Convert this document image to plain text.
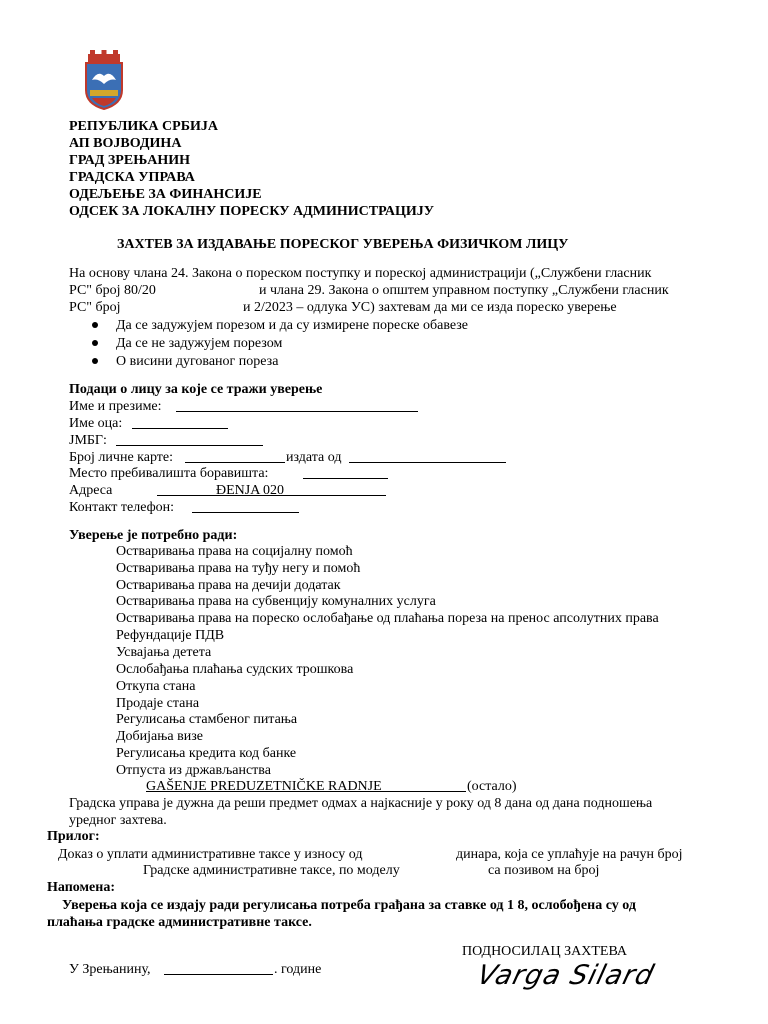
РЕПУБЛИКА СРБИЈА
АП ВОЈВОДИНА
ГРАД ЗРЕЊАНИН
ГРАДСКА УПРАВА
ОДЕЉЕЊЕ ЗА ФИНАНСИЈЕ
ОДСЕК ЗА ЛОКАЛНУ ПОРЕСКУ АДМИНИСТРАЦИЈУ
ЗАХТЕВ ЗА ИЗДАВАЊЕ ПОРЕСКОГ УВЕРЕЊА ФИЗИЧКОМ ЛИЦУ
На основу члана 24. Закона о пореском поступку и пореској администрацији („Службени гласник
РС" број 80/20	и члана 29. Закона о општем управном поступку „Службени гласник
РС" број	и 2/2023 – одлука УС) захтевам да ми се изда пореско уверење
Да се задужујем порезом и да су измирене пореске обавезе
Да се не задужујем порезом
О висини дугованог пореза
Подаци о лицу за које се тражи уверење
Име и презиме:
Име оца:
ЈМБГ:
Број личне карте:	издата од
Место пребивалишта боравишта:
Адреса	ĐENJA 020
Контакт телефон:
Уверење је потребно ради:
Остваривања права на социјалну помоћ
Остваривања права на туђу негу и помоћ
Остваривања права на дечији додатак
Остваривања права на субвенцију комуналних услуга
Остваривања права на пореско ослобађање од плаћања пореза на пренос апсолутних права
Рефундације ПДВ
Усвајања детета
Ослобађања плаћања судских трошкова
Откупа стана
Продаје стана
Регулисања стамбеног питања
Добијања визе
Регулисања кредита код банке
Отпуста из држављанства
GAŠENJE PREDUZETNIČKE RADNJE	(остало)
Градска управа је дужна да реши предмет одмах а најкасније у року од 8 дана од дана подношења
уредног захтева.
Прилог:
Доказ о уплати административне таксе у износу од	динара, која се уплаћује на рачун број
Градске административне таксе, по моделу	са позивом на број
Напомена:
Уверења која се издају ради регулисања потреба грађана за ставке од 1 8, ослобођена су од
плаћања градске административне таксе.
ПОДНОСИЛАЦ ЗАХТЕВА
Varga Silard
У Зрењанину,	. године
